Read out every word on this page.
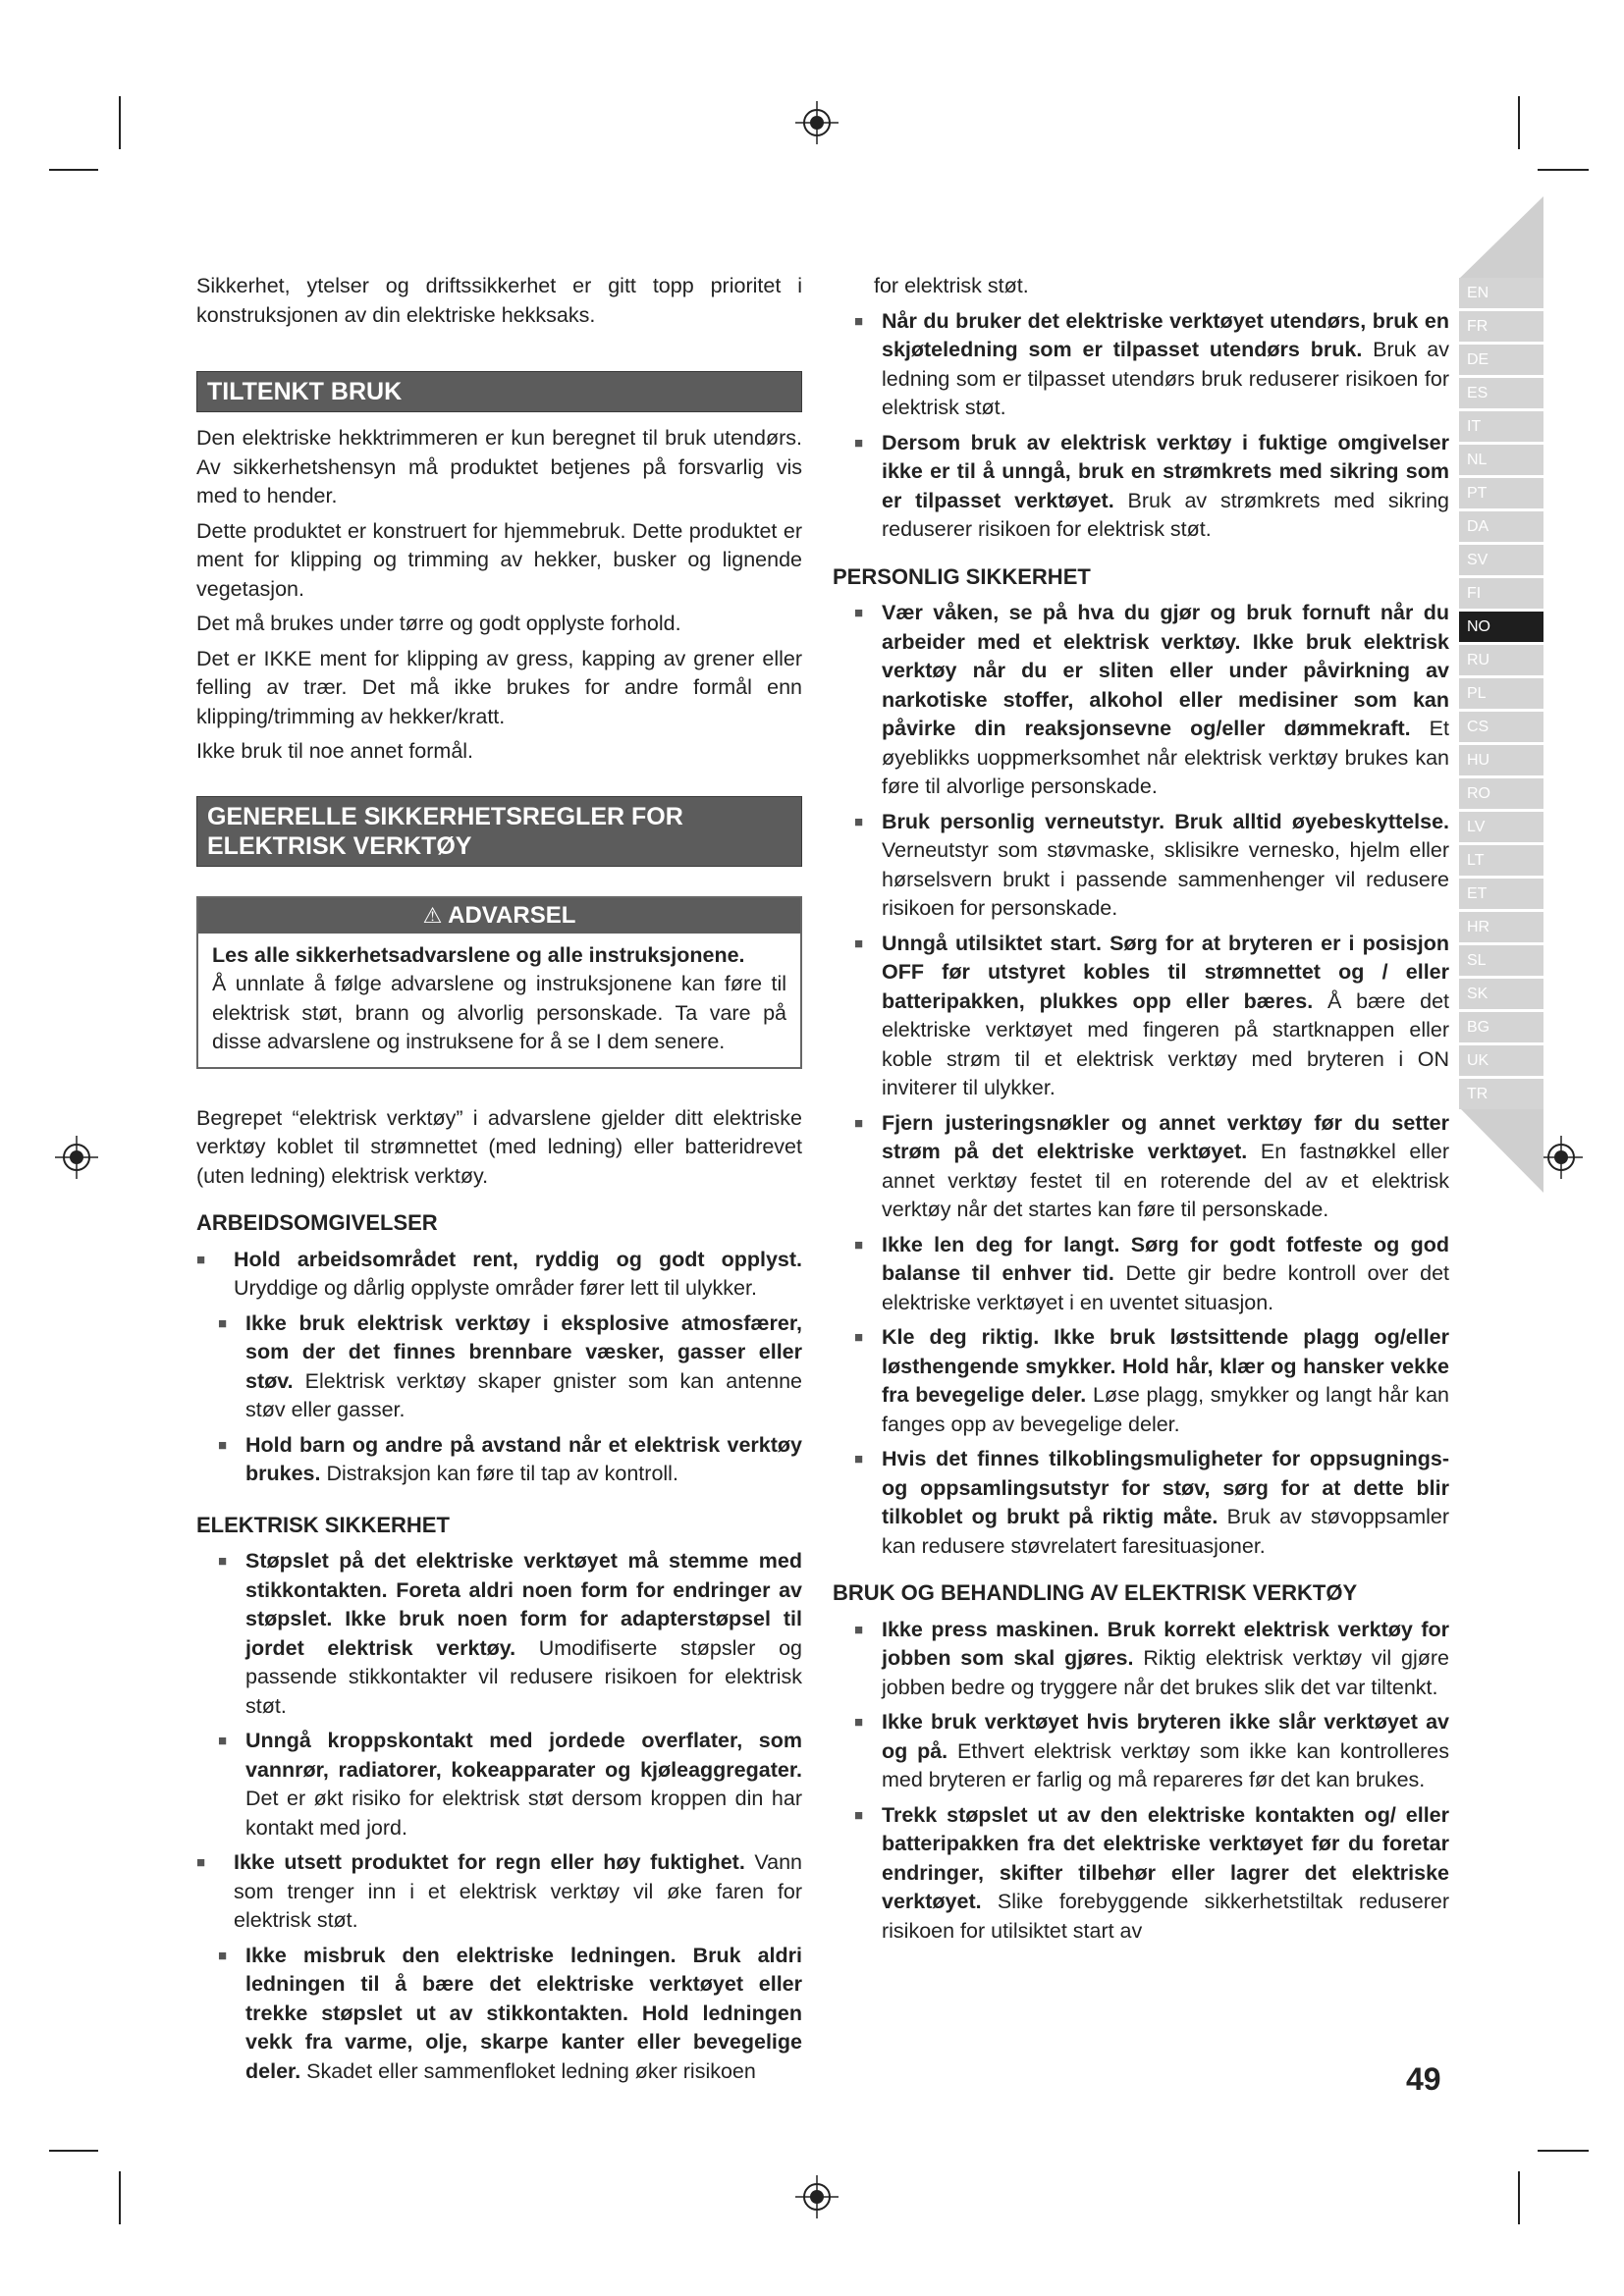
EN
FR
DE
ES
IT
NL
PT
DA
SV
FI
NO
RU
PL
CS
HU
RO
LV
LT
ET
HR
SL
SK
BG
UK
TR

Sikkerhet, ytelser og driftssikkerhet er gitt topp prioritet i konstruksjonen av din elektriske hekksaks.

TILTENKT BRUK

Den elektriske hekktrimmeren er kun beregnet til bruk utendørs. Av sikkerhetshensyn må produktet betjenes på forsvarlig vis med to hender.

Dette produktet er konstruert for hjemmebruk. Dette produktet er ment for klipping og trimming av hekker, busker og lignende vegetasjon.

Det må brukes under tørre og godt opplyste forhold.

Det er IKKE ment for klipping av gress, kapping av grener eller felling av trær. Det må ikke brukes for andre formål enn klipping/trimming av hekker/kratt.

Ikke bruk til noe annet formål.

GENERELLE SIKKERHETSREGLER FOR ELEKTRISK VERKTØY
⚠ ADVARSEL

Les alle sikkerhetsadvarslene og alle instruksjonene.

Å unnlate å følge advarslene og instruksjonene kan føre til elektrisk støt, brann og alvorlig personskade. Ta vare på disse advarslene og instruksene for å se I dem senere.

Begrepet “elektrisk verktøy” i advarslene gjelder ditt elektriske verktøy koblet til strømnettet (med ledning) eller batteridrevet (uten ledning) elektrisk verktøy.

ARBEIDSOMGIVELSER
■ Hold arbeidsområdet rent, ryddig og godt opplyst. Uryddige og dårlig opplyste områder fører lett til ulykker.
■ Ikke bruk elektrisk verktøy i eksplosive atmosfærer, som der det finnes brennbare væsker, gasser eller støv. Elektrisk verktøy skaper gnister som kan antenne støv eller gasser.
■ Hold barn og andre på avstand når et elektrisk verktøy brukes. Distraksjon kan føre til tap av kontroll.
ELEKTRISK SIKKERHET
■ Støpslet på det elektriske verktøyet må stemme med stikkontakten. Foreta aldri noen form for endringer av støpslet. Ikke bruk noen form for adapterstøpsel til jordet elektrisk verktøy. Umodifiserte støpsler og passende stikkontakter vil redusere risikoen for elektrisk støt.
■ Unngå kroppskontakt med jordede overflater, som vannrør, radiatorer, kokeapparater og kjøleaggregater. Det er økt risiko for elektrisk støt dersom kroppen din har kontakt med jord.
■ Ikke utsett produktet for regn eller høy fuktighet. Vann som trenger inn i et elektrisk verktøy vil øke faren for elektrisk støt.
■ Ikke misbruk den elektriske ledningen. Bruk aldri ledningen til å bære det elektriske verktøyet eller trekke støpslet ut av stikkontakten. Hold ledningen vekk fra varme, olje, skarpe kanter eller bevegelige deler. Skadet eller sammenfloket ledning øker risikoen

for elektrisk støt.

■ Når du bruker det elektriske verktøyet utendørs, bruk en skjøteledning som er tilpasset utendørs bruk. Bruk av ledning som er tilpasset utendørs bruk reduserer risikoen for elektrisk støt.
■ Dersom bruk av elektrisk verktøy i fuktige omgivelser ikke er til å unngå, bruk en strømkrets med sikring som er tilpasset verktøyet. Bruk av strømkrets med sikring reduserer risikoen for elektrisk støt.
PERSONLIG SIKKERHET
■ Vær våken, se på hva du gjør og bruk fornuft når du arbeider med et elektrisk verktøy. Ikke bruk elektrisk verktøy når du er sliten eller under påvirkning av narkotiske stoffer, alkohol eller medisiner som kan påvirke din reaksjonsevne og/eller dømmekraft. Et øyeblikks uoppmerksomhet når elektrisk verktøy brukes kan føre til alvorlige personskade.
■ Bruk personlig verneutstyr. Bruk alltid øyebeskyttelse. Verneutstyr som støvmaske, sklisikre vernesko, hjelm eller hørselsvern brukt i passende sammenhenger vil redusere risikoen for personskade.
■ Unngå utilsiktet start. Sørg for at bryteren er i posisjon OFF før utstyret kobles til strømnettet og / eller batteripakken, plukkes opp eller bæres. Å bære det elektriske verktøyet med fingeren på startknappen eller koble strøm til et elektrisk verktøy med bryteren i ON inviterer til ulykker.
■ Fjern justeringsnøkler og annet verktøy før du setter strøm på det elektriske verktøyet. En fastnøkkel eller annet verktøy festet til en roterende del av et elektrisk verktøy når det startes kan føre til personskade.
■ Ikke len deg for langt. Sørg for godt fotfeste og god balanse til enhver tid. Dette gir bedre kontroll over det elektriske verktøyet i en uventet situasjon.
■ Kle deg riktig. Ikke bruk løstsittende plagg og/eller løsthengende smykker. Hold hår, klær og hansker vekke fra bevegelige deler. Løse plagg, smykker og langt hår kan fanges opp av bevegelige deler.
■ Hvis det finnes tilkoblingsmuligheter for oppsugnings- og oppsamlingsutstyr for støv, sørg for at dette blir tilkoblet og brukt på riktig måte. Bruk av støvoppsamler kan redusere støvrelatert faresituasjoner.
BRUK OG BEHANDLING AV ELEKTRISK VERKTØY
■ Ikke press maskinen. Bruk korrekt elektrisk verktøy for jobben som skal gjøres. Riktig elektrisk verktøy vil gjøre jobben bedre og tryggere når det brukes slik det var tiltenkt.
■ Ikke bruk verktøyet hvis bryteren ikke slår verktøyet av og på. Ethvert elektrisk verktøy som ikke kan kontrolleres med bryteren er farlig og må repareres før det kan brukes.
■ Trekk støpslet ut av den elektriske kontakten og/ eller batteripakken fra det elektriske verktøyet før du foretar endringer, skifter tilbehør eller lagrer det elektriske verktøyet. Slike forebyggende sikkerhetstiltak reduserer risikoen for utilsiktet start av
49
